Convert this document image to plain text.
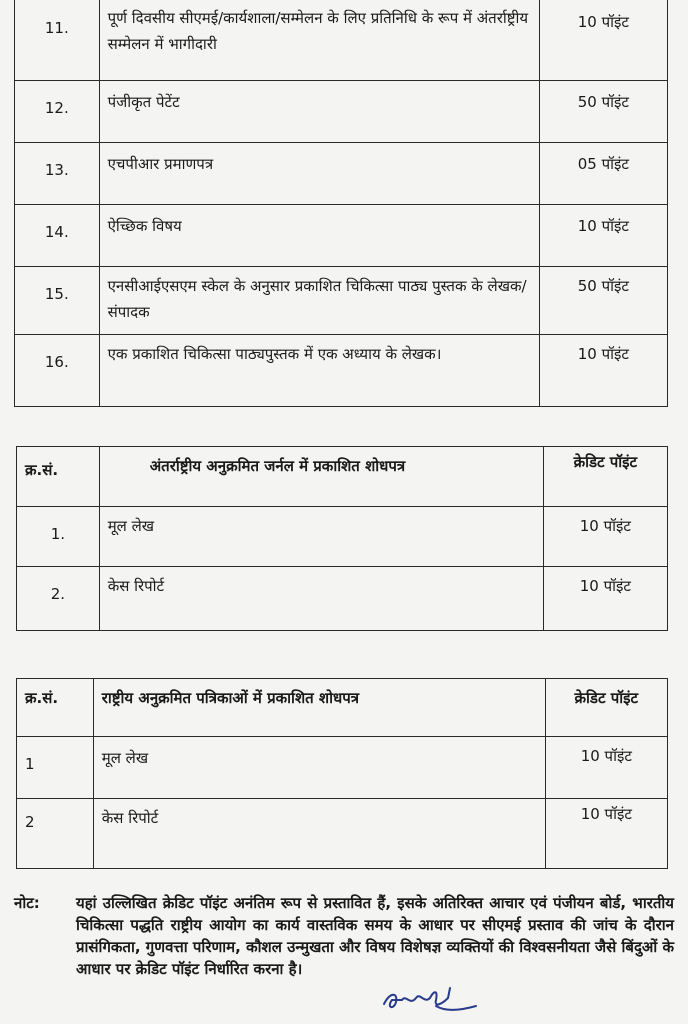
11.	पूर्ण दिवसीय सीएमई/कार्यशाला/सम्मेलन के लिए प्रतिनिधि के रूप में अंतर्राष्ट्रीय सम्मेलन में भागीदारी	10 पॉइंट

12.	पंजीकृत पेटेंट	50 पॉइंट

13.	एचपीआर प्रमाणपत्र	05 पॉइंट

14.	ऐच्छिक विषय	10 पॉइंट

15.	एनसीआईएसएम स्केल के अनुसार प्रकाशित चिकित्सा पाठ्य पुस्तक के लेखक/संपादक	50 पॉइंट

16.	एक प्रकाशित चिकित्सा पाठ्यपुस्तक में एक अध्याय के लेखक।	10 पॉइंट
क्र.सं.	अंतर्राष्ट्रीय अनुक्रमित जर्नल में प्रकाशित शोधपत्र	क्रेडिट पॉइंट

1.	मूल लेख	10 पॉइंट

2.	केस रिपोर्ट	10 पॉइंट
क्र.सं.	राष्ट्रीय अनुक्रमित पत्रिकाओं में प्रकाशित शोधपत्र	क्रेडिट पॉइंट

1	मूल लेख	10 पॉइंट

2	केस रिपोर्ट	10 पॉइंट
नोट:	यहां उल्लिखित क्रेडिट पॉइंट अनंतिम रूप से प्रस्तावित हैं, इसके अतिरिक्त आचार एवं पंजीयन बोर्ड, भारतीय चिकित्सा पद्धति राष्ट्रीय आयोग का कार्य वास्तविक समय के आधार पर सीएमई प्रस्ताव की जांच के दौरान प्रासंगिकता, गुणवत्ता परिणाम, कौशल उन्मुखता और विषय विशेषज्ञ व्यक्तियों की विश्वसनीयता जैसे बिंदुओं के आधार पर क्रेडिट पॉइंट निर्धारित करना है।
